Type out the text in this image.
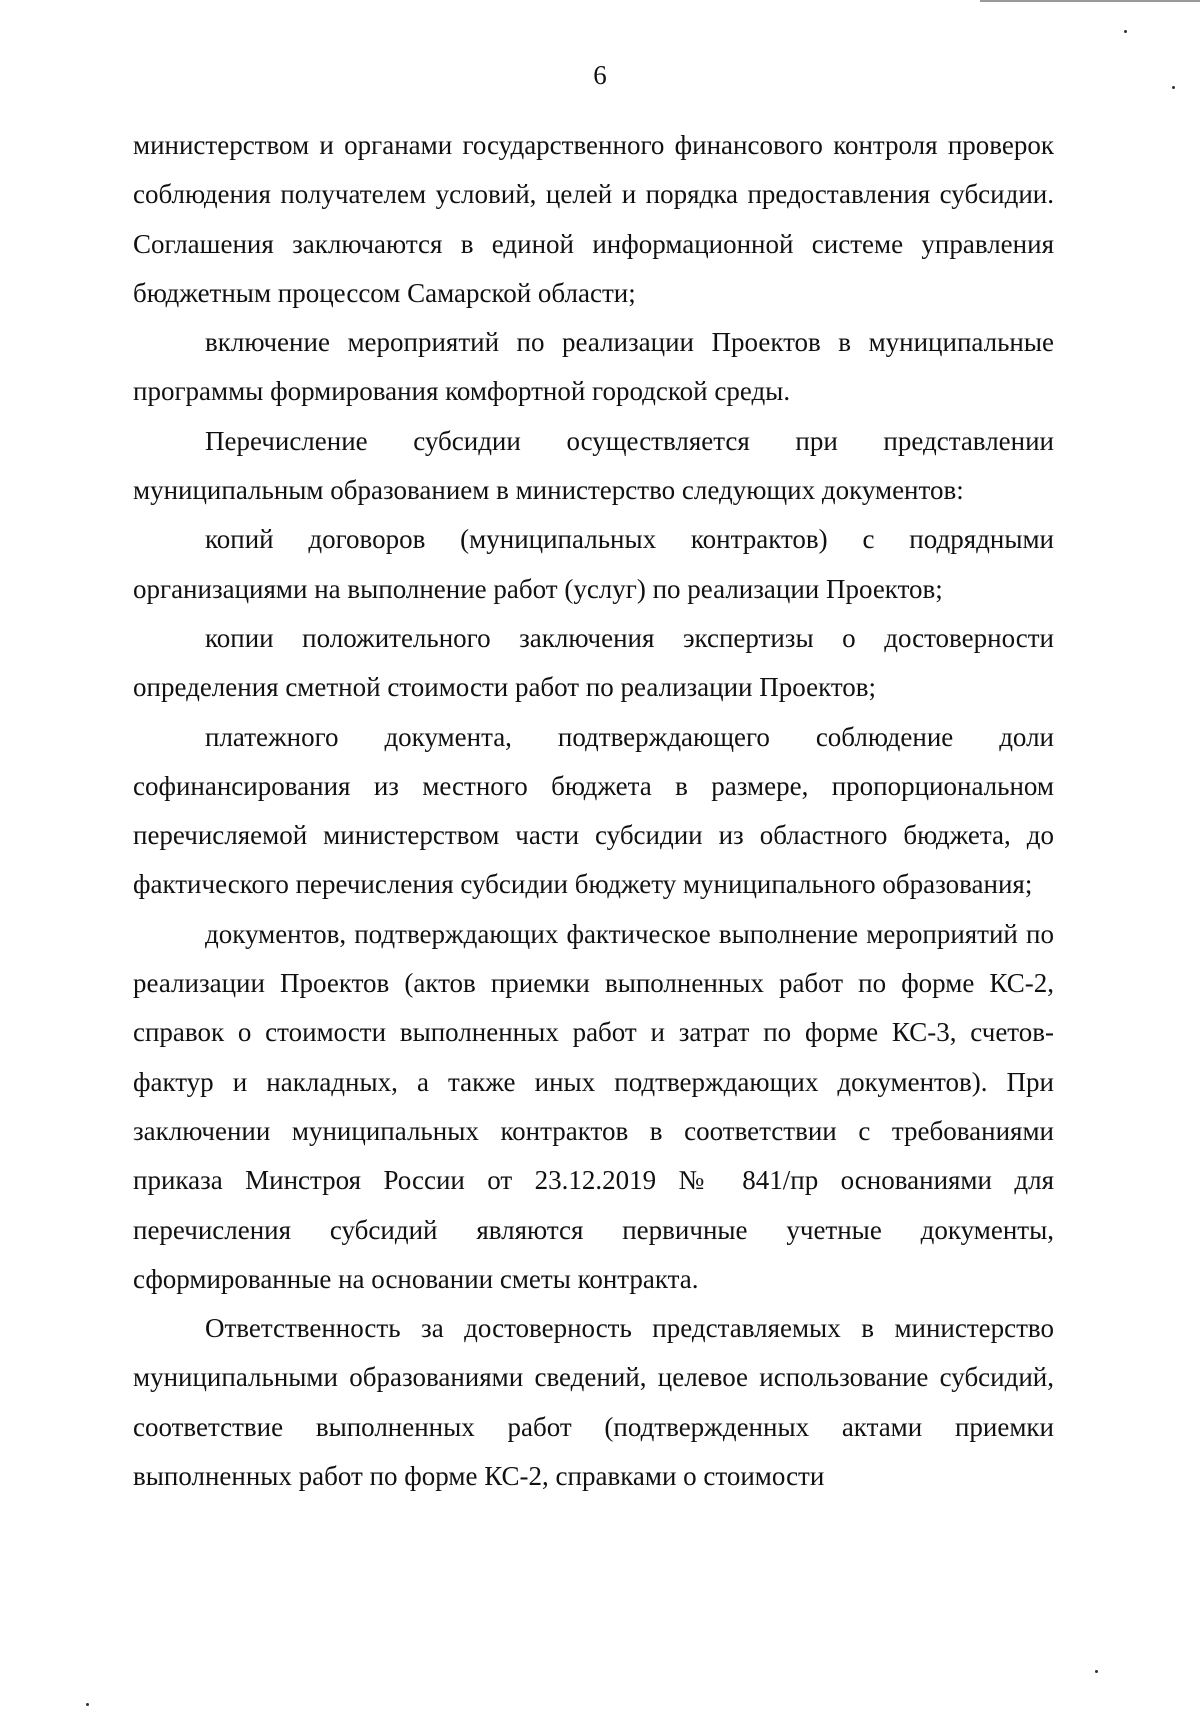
6

министерством и органами государственного финансового контроля проверок соблюдения получателем условий, целей и порядка предоставления субсидии. Соглашения заключаются в единой информационной системе управления бюджетным процессом Самарской области;

включение мероприятий по реализации Проектов в муниципальные программы формирования комфортной городской среды.

Перечисление субсидии осуществляется при представлении муниципальным образованием в министерство следующих документов:

копий договоров (муниципальных контрактов) с подрядными организациями на выполнение работ (услуг) по реализации Проектов;

копии положительного заключения экспертизы о достоверности определения сметной стоимости работ по реализации Проектов;

платежного документа, подтверждающего соблюдение доли софинансирования из местного бюджета в размере, пропорциональном перечисляемой министерством части субсидии из областного бюджета, до фактического перечисления субсидии бюджету муниципального образования;

документов, подтверждающих фактическое выполнение мероприятий по реализации Проектов (актов приемки выполненных работ по форме КС-2, справок о стоимости выполненных работ и затрат по форме КС-3, счетов-фактур и накладных, а также иных подтверждающих документов). При заключении муниципальных контрактов в соответствии с требованиями приказа Минстроя России от 23.12.2019 № 841/пр основаниями для перечисления субсидий являются первичные учетные документы, сформированные на основании сметы контракта.

Ответственность за достоверность представляемых в министерство муниципальными образованиями сведений, целевое использование субсидий, соответствие выполненных работ (подтвержденных актами приемки выполненных работ по форме КС-2, справками о стоимости
